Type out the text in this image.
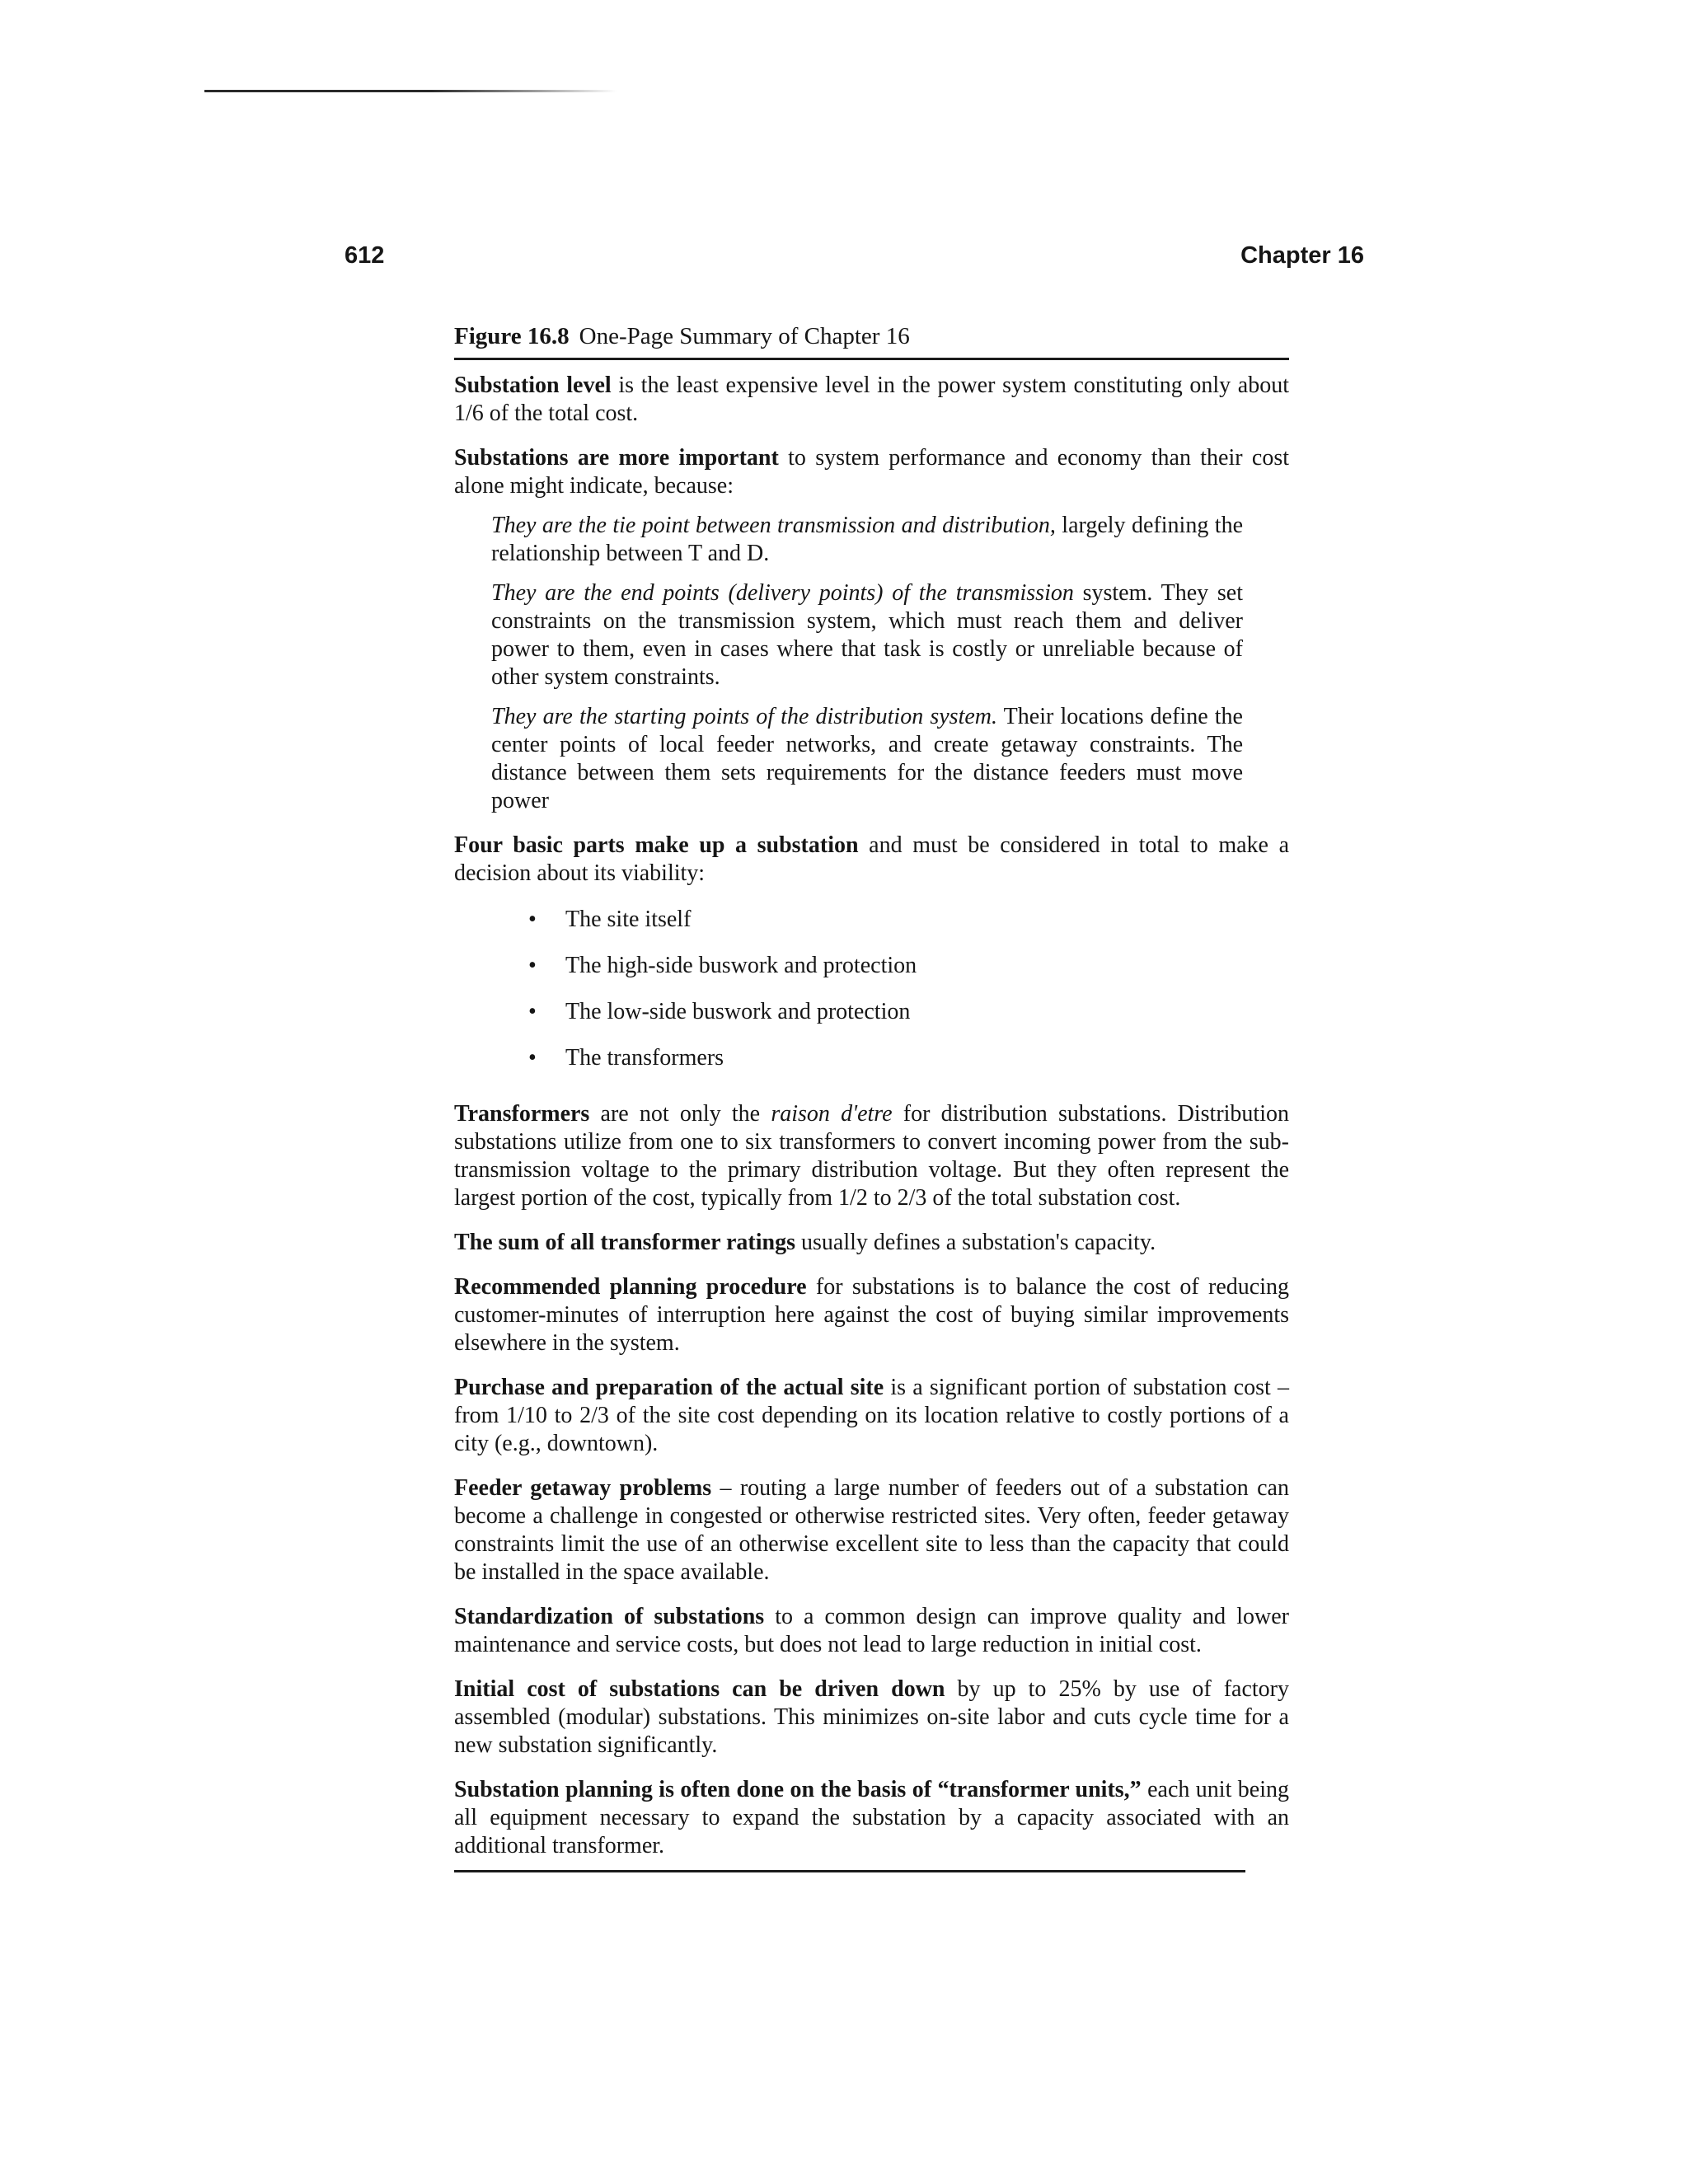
612	Chapter 16
Figure 16.8 One-Page Summary of Chapter 16

Substation level is the least expensive level in the power system constituting only about 1/6 of the total cost.

Substations are more important to system performance and economy than their cost alone might indicate, because:

They are the tie point between transmission and distribution, largely defining the relationship between T and D.

They are the end points (delivery points) of the transmission system. They set constraints on the transmission system, which must reach them and deliver power to them, even in cases where that task is costly or unreliable because of other system constraints.

They are the starting points of the distribution system. Their locations define the center points of local feeder networks, and create getaway constraints. The distance between them sets requirements for the distance feeders must move power

Four basic parts make up a substation and must be considered in total to make a decision about its viability:

• The site itself
• The high-side buswork and protection
• The low-side buswork and protection
• The transformers

Transformers are not only the raison d'etre for distribution substations. Distribution substations utilize from one to six transformers to convert incoming power from the sub-transmission voltage to the primary distribution voltage. But they often represent the largest portion of the cost, typically from 1/2 to 2/3 of the total substation cost.

The sum of all transformer ratings usually defines a substation's capacity.

Recommended planning procedure for substations is to balance the cost of reducing customer-minutes of interruption here against the cost of buying similar improvements elsewhere in the system.

Purchase and preparation of the actual site is a significant portion of substation cost – from 1/10 to 2/3 of the site cost depending on its location relative to costly portions of a city (e.g., downtown).

Feeder getaway problems – routing a large number of feeders out of a substation can become a challenge in congested or otherwise restricted sites. Very often, feeder getaway constraints limit the use of an otherwise excellent site to less than the capacity that could be installed in the space available.

Standardization of substations to a common design can improve quality and lower maintenance and service costs, but does not lead to large reduction in initial cost.

Initial cost of substations can be driven down by up to 25% by use of factory assembled (modular) substations. This minimizes on-site labor and cuts cycle time for a new substation significantly.

Substation planning is often done on the basis of “transformer units,” each unit being all equipment necessary to expand the substation by a capacity associated with an additional transformer.
